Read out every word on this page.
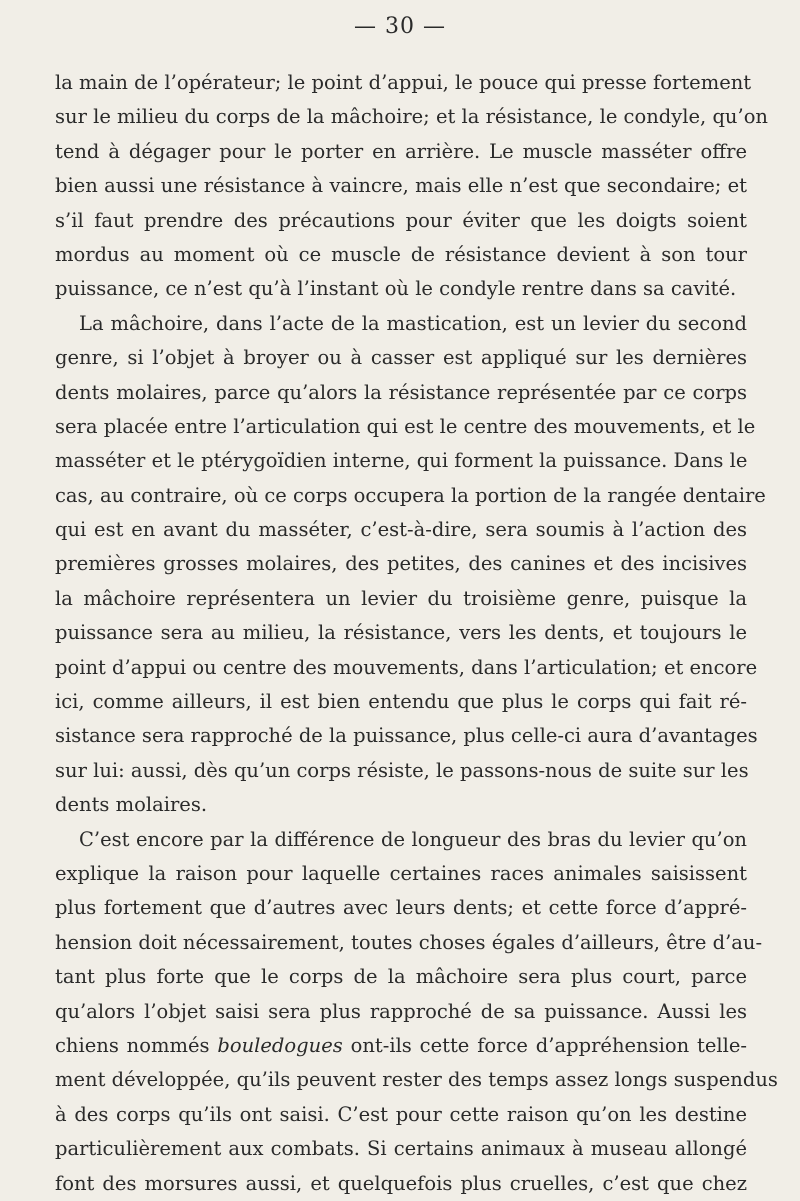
— 30 —
la main de l’opérateur; le point d’appui, le pouce qui presse fortement
sur le milieu du corps de la mâchoire; et la résistance, le condyle, qu’on
tend à dégager pour le porter en arrière. Le muscle masséter offre
bien aussi une résistance à vaincre, mais elle n’est que secondaire; et
s’il faut prendre des précautions pour éviter que les doigts soient
mordus au moment où ce muscle de résistance devient à son tour
puissance, ce n’est qu’à l’instant où le condyle rentre dans sa cavité.
La mâchoire, dans l’acte de la mastication, est un levier du second
genre, si l’objet à broyer ou à casser est appliqué sur les dernières
dents molaires, parce qu’alors la résistance représentée par ce corps
sera placée entre l’articulation qui est le centre des mouvements, et le
masséter et le ptérygoïdien interne, qui forment la puissance. Dans le
cas, au contraire, où ce corps occupera la portion de la rangée dentaire
qui est en avant du masséter, c’est-à-dire, sera soumis à l’action des
premières grosses molaires, des petites, des canines et des incisives
la mâchoire représentera un levier du troisième genre, puisque la
puissance sera au milieu, la résistance, vers les dents, et toujours le
point d’appui ou centre des mouvements, dans l’articulation; et encore
ici, comme ailleurs, il est bien entendu que plus le corps qui fait ré-
sistance sera rapproché de la puissance, plus celle-ci aura d’avantages
sur lui: aussi, dès qu’un corps résiste, le passons-nous de suite sur les
dents molaires.
C’est encore par la différence de longueur des bras du levier qu’on
explique la raison pour laquelle certaines races animales saisissent
plus fortement que d’autres avec leurs dents; et cette force d’appré-
hension doit nécessairement, toutes choses égales d’ailleurs, être d’au-
tant plus forte que le corps de la mâchoire sera plus court, parce
qu’alors l’objet saisi sera plus rapproché de sa puissance. Aussi les
chiens nommés bouledogues ont-ils cette force d’appréhension telle-
ment développée, qu’ils peuvent rester des temps assez longs suspendus
à des corps qu’ils ont saisi. C’est pour cette raison qu’on les destine
particulièrement aux combats. Si certains animaux à museau allongé
font des morsures aussi, et quelquefois plus cruelles, c’est que chez
